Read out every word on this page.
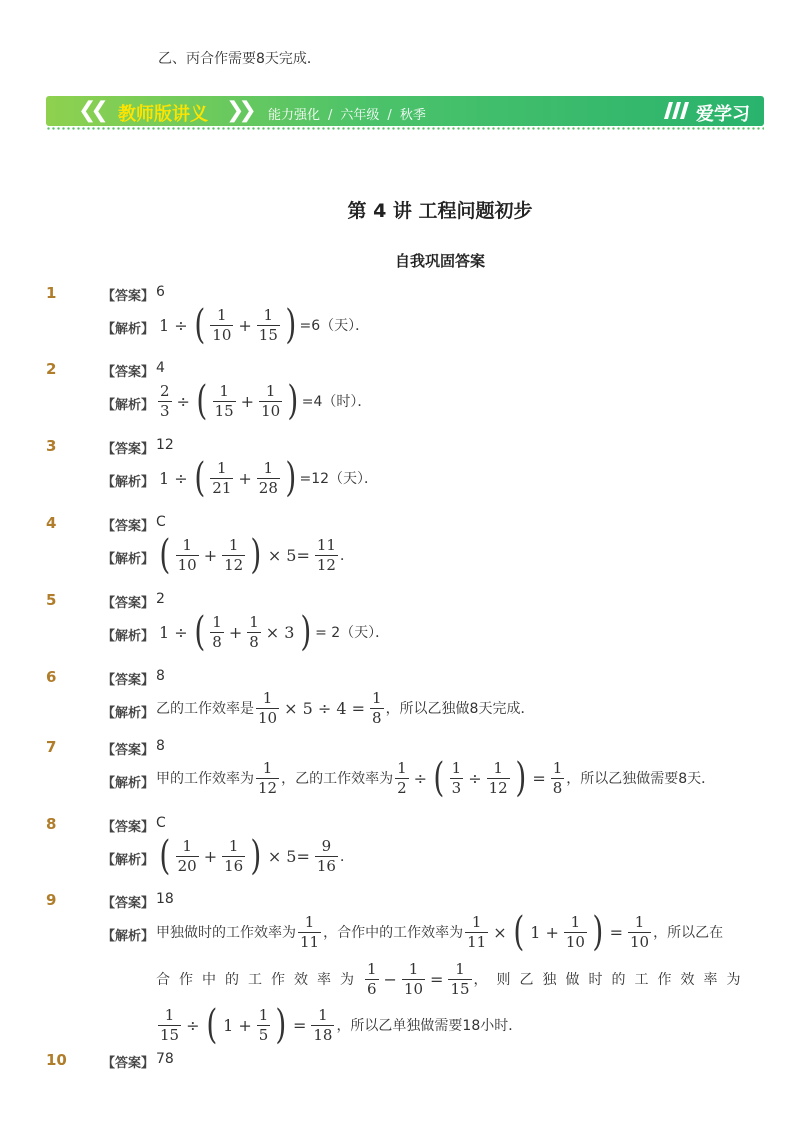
乙、丙合作需要8天完成．
❮❮ 教师版讲义 ❯❯ 能力强化 / 六年级 / 秋季	爱学习
第 4 讲 工程问题初步
自我巩固答案
1	【答案】 6
【解析】 1 ÷ ( $\frac{1}{10} + \frac{1}{15}$ ) =6（天）．
2	【答案】 4
【解析】 $\frac{2}{3}$ ÷ ( $\frac{1}{15} + \frac{1}{10}$ ) =4（时）．
3	【答案】 12
【解析】 1 ÷ ( $\frac{1}{21} + \frac{1}{28}$ ) =12（天）．
4	【答案】 C
【解析】 ( $\frac{1}{10} + \frac{1}{12}$ ) × $5= \frac{11}{12}$ ．
5	【答案】 2
【解析】 1 ÷ ( $\frac{1}{8} + \frac{1}{8} \times 3$ ) = 2（天）．
6	【答案】 8
【解析】 乙的工作效率是 $\frac{1}{10} \times 5 \div 4 = \frac{1}{8}$ ，所以乙独做8天完成．
7	【答案】 8
【解析】 甲的工作效率为 $\frac{1}{12}$ ，乙的工作效率为 $\frac{1}{2}$ ÷ ( $\frac{1}{3} \div \frac{1}{12}$ ) = $\frac{1}{8}$ ，所以乙独做需要8天．
8	【答案】 C
【解析】 ( $\frac{1}{20} + \frac{1}{16}$ ) × $5= \frac{9}{16}$ ．
9	【答案】 18
【解析】 甲独做时的工作效率为 $\frac{1}{11}$ ，合作中的工作效率为 $\frac{1}{11}$ × ( $1 + \frac{1}{10}$ ) = $\frac{1}{10}$ ，所以乙在
合作中的工作效率为 $\frac{1}{6} - \frac{1}{10} = \frac{1}{15}$ ，则乙独做时的工作效率为
$\frac{1}{15}$ ÷ ( $1 + \frac{1}{5}$ ) = $\frac{1}{18}$ ，所以乙单独做需要18小时．
10	【答案】 78
